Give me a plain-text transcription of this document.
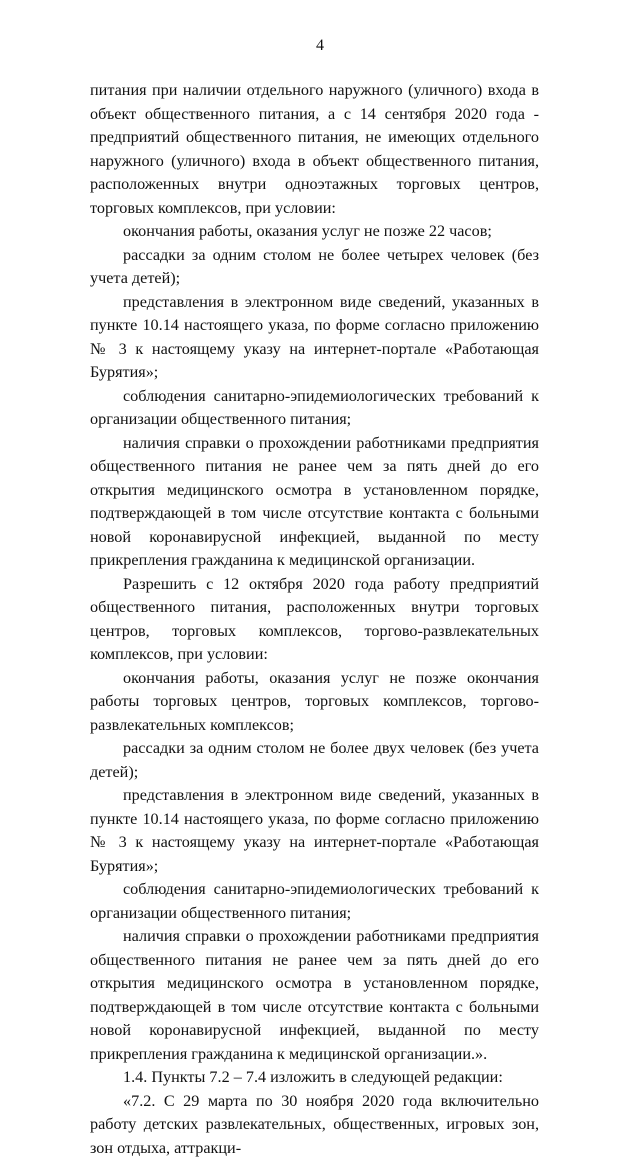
4

питания при наличии отдельного наружного (уличного) входа в объект общественного питания, а с 14 сентября 2020 года - предприятий общественного питания, не имеющих отдельного наружного (уличного) входа в объект общественного питания, расположенных внутри одноэтажных торговых центров, торговых комплексов, при условии:

окончания работы, оказания услуг не позже 22 часов;

рассадки за одним столом не более четырех человек (без учета детей);

представления в электронном виде сведений, указанных в пункте 10.14 настоящего указа, по форме согласно приложению № 3 к настоящему указу на интернет-портале «Работающая Бурятия»;

соблюдения санитарно-эпидемиологических требований к организации общественного питания;

наличия справки о прохождении работниками предприятия общественного питания не ранее чем за пять дней до его открытия медицинского осмотра в установленном порядке, подтверждающей в том числе отсутствие контакта с больными новой коронавирусной инфекцией, выданной по месту прикрепления гражданина к медицинской организации.

Разрешить с 12 октября 2020 года работу предприятий общественного питания, расположенных внутри торговых центров, торговых комплексов, торгово-развлекательных комплексов, при условии:

окончания работы, оказания услуг не позже окончания работы торговых центров, торговых комплексов, торгово-развлекательных комплексов;

рассадки за одним столом не более двух человек (без учета детей);

представления в электронном виде сведений, указанных в пункте 10.14 настоящего указа, по форме согласно приложению № 3 к настоящему указу на интернет-портале «Работающая Бурятия»;

соблюдения санитарно-эпидемиологических требований к организации общественного питания;

наличия справки о прохождении работниками предприятия общественного питания не ранее чем за пять дней до его открытия медицинского осмотра в установленном порядке, подтверждающей в том числе отсутствие контакта с больными новой коронавирусной инфекцией, выданной по месту прикрепления гражданина к медицинской организации.».

1.4. Пункты 7.2 – 7.4 изложить в следующей редакции:

«7.2. С 29 марта по 30 ноября 2020 года включительно работу детских развлекательных, общественных, игровых зон, зон отдыха, аттракци-
